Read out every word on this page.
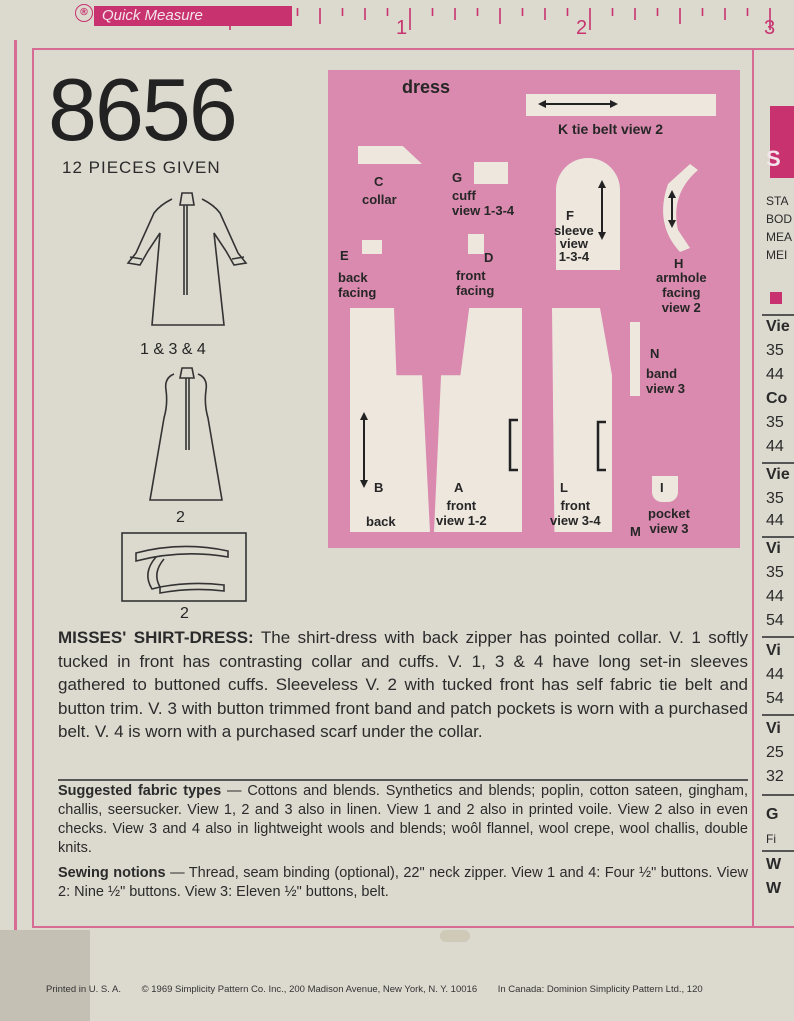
® Quick Measure
1	2	3
8656
12 PIECES GIVEN
1 & 3 & 4
2
2
dress
K tie belt view 2
C
collar
G
cuff
view 1-3-4	F
sleeve
view
1-3-4	H
armhole
facing
view 2
E
back
facing
D
front
facing
N
band
view 3
B
back
A
front
view 1-2
L
front
view 3-4
I
pocket
view 3
M
S
STA
BOD
MEA
MEI
Vie
35
44
Co
35
44
Vie
35
44
Vi
35
44
54
Vi
44
54
Vi
25
32
G
Fi
W
W
MISSES' SHIRT-DRESS: The shirt-dress with back zipper has pointed collar. V. 1 softly tucked in front has contrasting collar and cuffs. V. 1, 3 & 4 have long set-in sleeves gathered to buttoned cuffs. Sleeveless V. 2 with tucked front has self fabric tie belt and button trim. V. 3 with button trimmed front band and patch pockets is worn with a purchased belt. V. 4 is worn with a purchased scarf under the collar.
Suggested fabric types — Cottons and blends. Synthetics and blends; poplin, cotton sateen, gingham, challis, seersucker. View 1, 2 and 3 also in linen. View 1 and 2 also in printed voile. View 2 also in even checks. View 3 and 4 also in lightweight wools and blends; woôl flannel, wool crepe, wool challis, double knits.
Sewing notions — Thread, seam binding (optional), 22" neck zipper. View 1 and 4: Four ½" buttons. View 2: Nine ½" buttons. View 3: Eleven ½" buttons, belt.
Printed in U. S. A. © 1969 Simplicity Pattern Co. Inc., 200 Madison Avenue, New York, N. Y. 10016 In Canada: Dominion Simplicity Pattern Ltd., 120
